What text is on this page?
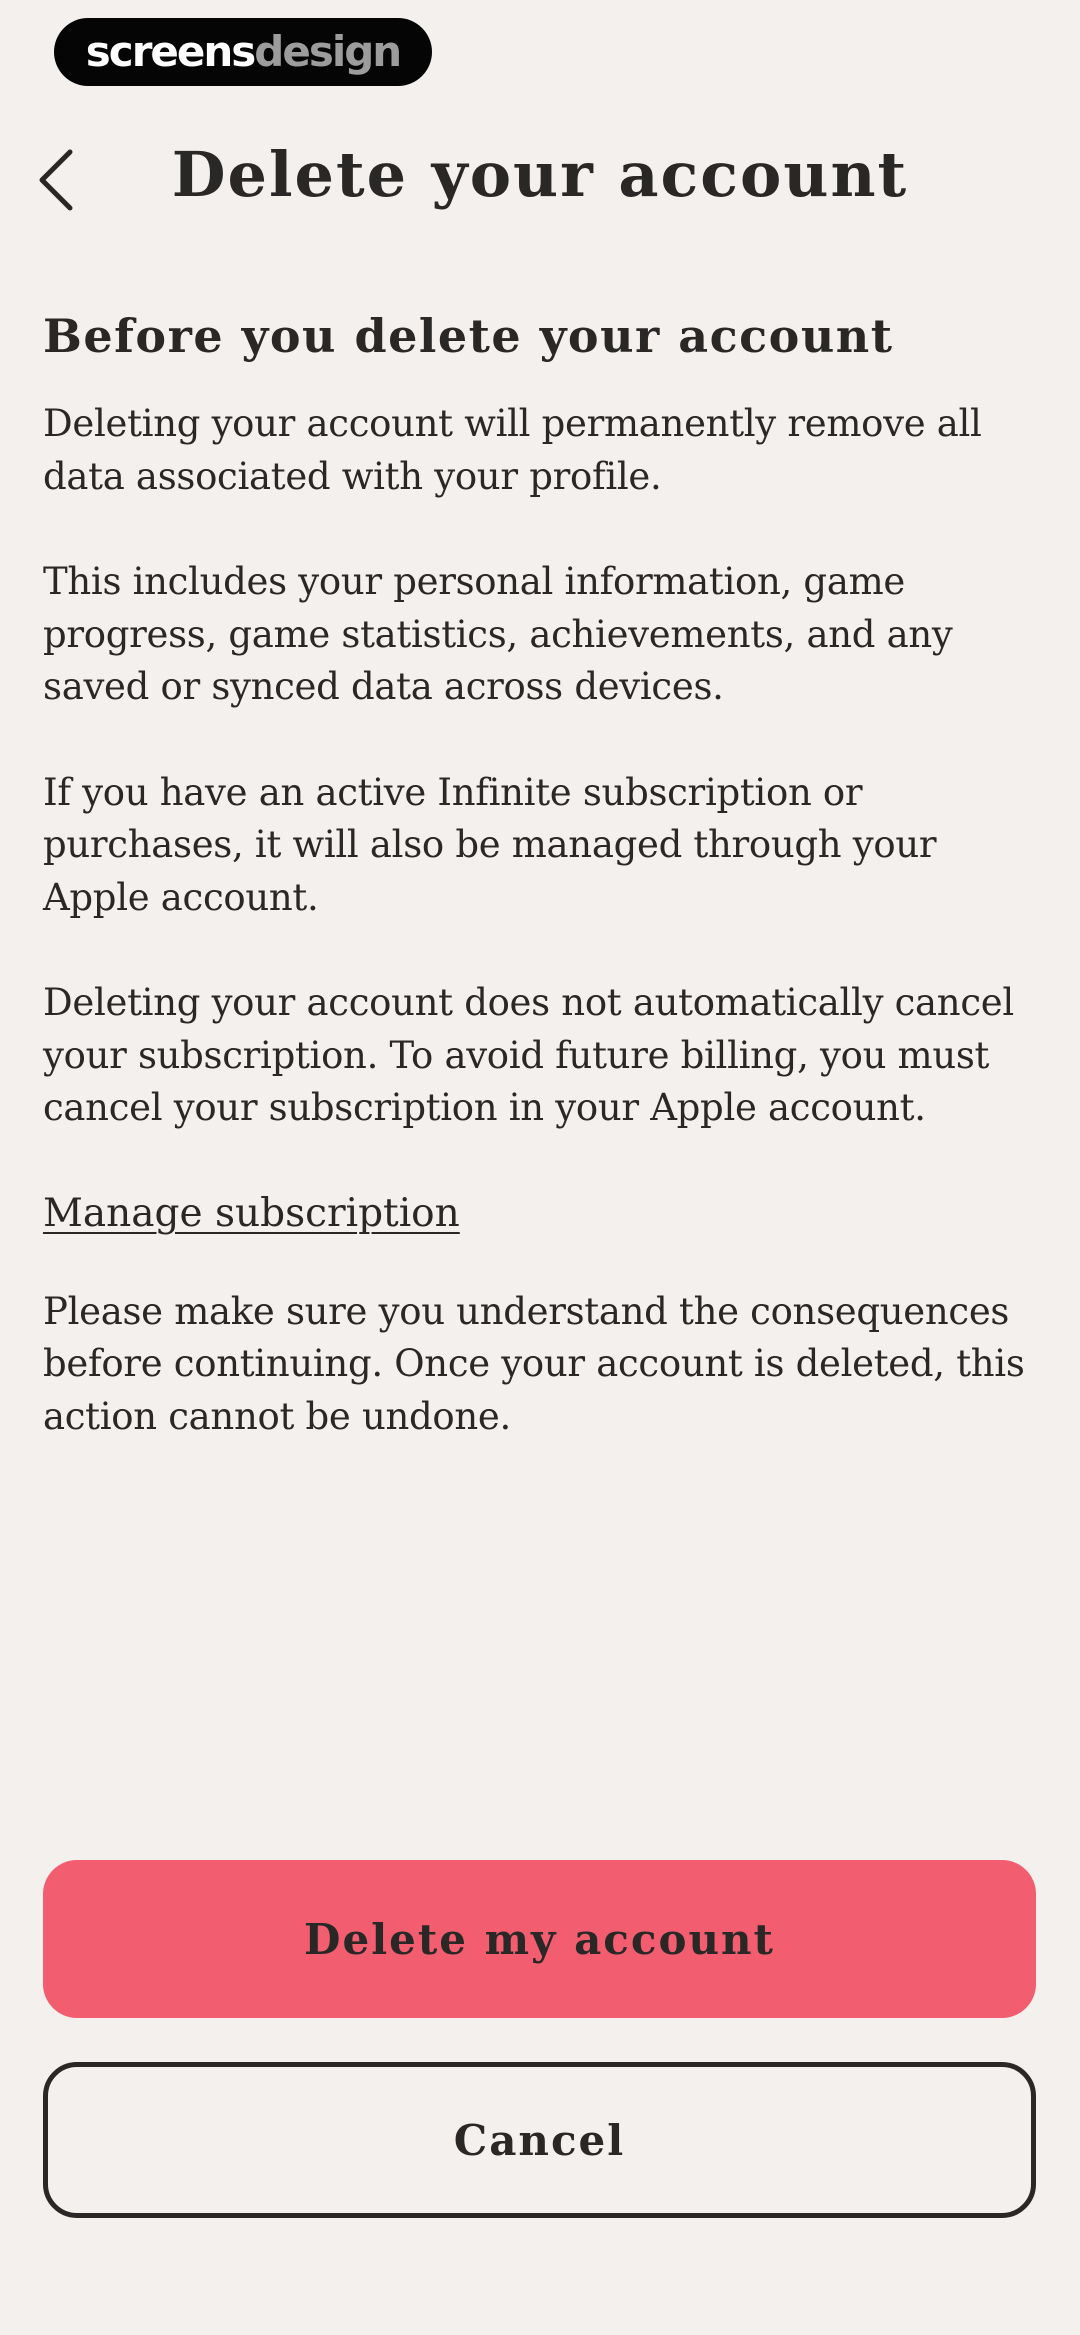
screens design
Delete your account
Before you delete your account

Deleting your account will permanently remove all data associated with your profile.

This includes your personal information, game progress, game statistics, achievements, and any saved or synced data across devices.

If you have an active Infinite subscription or purchases, it will also be managed through your Apple account.

Deleting your account does not automatically cancel your subscription. To avoid future billing, you must cancel your subscription in your Apple account.

Manage subscription

Please make sure you understand the consequences before continuing. Once your account is deleted, this action cannot be undone.

Delete my account
Cancel
